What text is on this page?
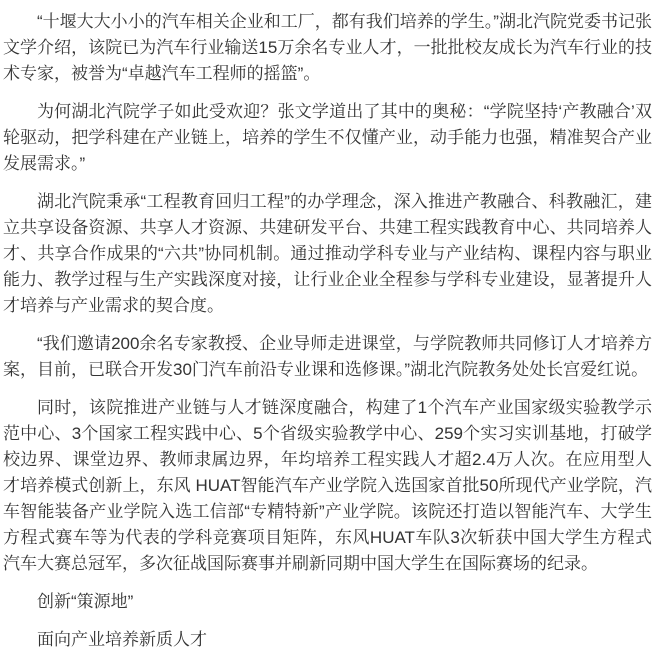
“十堰大大小小的汽车相关企业和工厂，都有我们培养的学生。”湖北汽院党委书记张文学介绍，该院已为汽车行业输送15万余名专业人才，一批批校友成长为汽车行业的技术专家，被誉为“卓越汽车工程师的摇篮”。

为何湖北汽院学子如此受欢迎？张文学道出了其中的奥秘：“学院坚持‘产教融合’双轮驱动，把学科建在产业链上，培养的学生不仅懂产业，动手能力也强，精准契合产业发展需求。”

湖北汽院秉承“工程教育回归工程”的办学理念，深入推进产教融合、科教融汇，建立共享设备资源、共享人才资源、共建研发平台、共建工程实践教育中心、共同培养人才、共享合作成果的“六共”协同机制。通过推动学科专业与产业结构、课程内容与职业能力、教学过程与生产实践深度对接，让行业企业全程参与学科专业建设，显著提升人才培养与产业需求的契合度。

“我们邀请200余名专家教授、企业导师走进课堂，与学院教师共同修订人才培养方案，目前，已联合开发30门汽车前沿专业课和选修课。”湖北汽院教务处处长宫爱红说。

同时，该院推进产业链与人才链深度融合，构建了1个汽车产业国家级实验教学示范中心、3个国家工程实践中心、5个省级实验教学中心、259个实习实训基地，打破学校边界、课堂边界、教师隶属边界，年均培养工程实践人才超2.4万人次。在应用型人才培养模式创新上，东风 HUAT智能汽车产业学院入选国家首批50所现代产业学院，汽车智能装备产业学院入选工信部“专精特新”产业学院。该院还打造以智能汽车、大学生方程式赛车等为代表的学科竞赛项目矩阵，东风HUAT车队3次斩获中国大学生方程式汽车大赛总冠军，多次征战国际赛事并刷新同期中国大学生在国际赛场的纪录。

创新“策源地”

面向产业培养新质人才
